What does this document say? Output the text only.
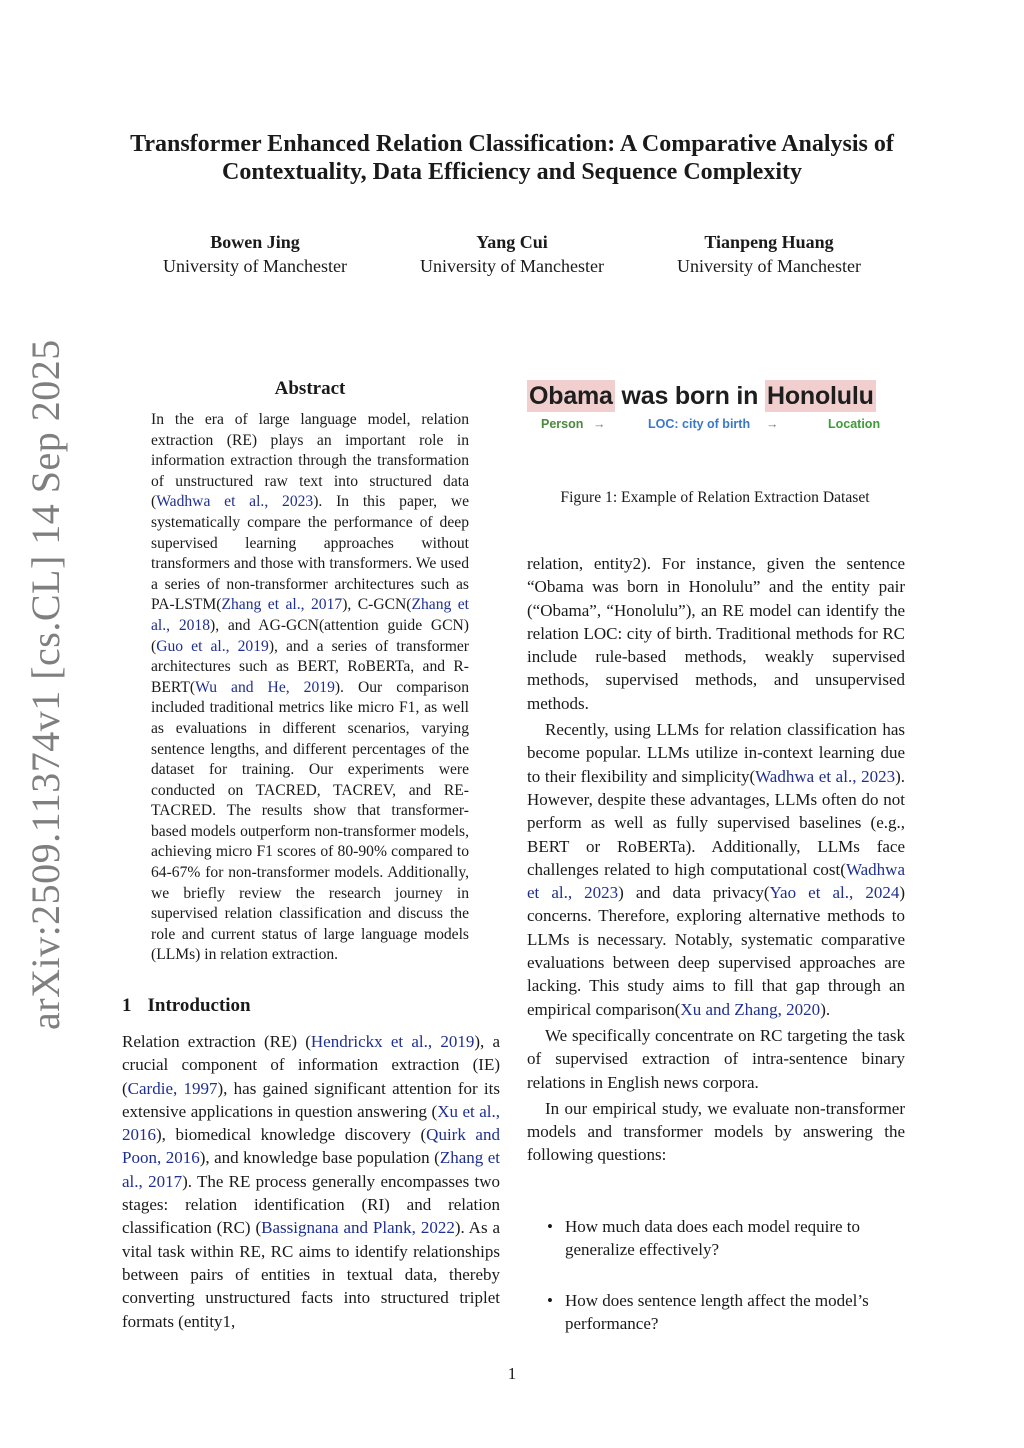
Transformer Enhanced Relation Classification: A Comparative Analysis of Contextuality, Data Efficiency and Sequence Complexity
Bowen Jing
University of Manchester
Yang Cui
University of Manchester
Tianpeng Huang
University of Manchester
arXiv:2509.11374v1 [cs.CL] 14 Sep 2025	Abstract
In the era of large language model, relation extraction (RE) plays an important role in information extraction through the transformation of unstructured raw text into structured data (Wadhwa et al., 2023). In this paper, we systematically compare the performance of deep supervised learning approaches without transformers and those with transformers. We used a series of non-transformer architectures such as PA-LSTM(Zhang et al., 2017), C-GCN(Zhang et al., 2018), and AG-GCN(attention guide GCN)(Guo et al., 2019), and a series of transformer architectures such as BERT, RoBERTa, and R-BERT(Wu and He, 2019). Our comparison included traditional metrics like micro F1, as well as evaluations in different scenarios, varying sentence lengths, and different percentages of the dataset for training. Our experiments were conducted on TACRED, TACREV, and RE-TACRED. The results show that transformer-based models outperform non-transformer models, achieving micro F1 scores of 80-90% compared to 64-67% for non-transformer models. Additionally, we briefly review the research journey in supervised relation classification and discuss the role and current status of large language models (LLMs) in relation extraction.
1 Introduction

Relation extraction (RE) (Hendrickx et al., 2019), a crucial component of information extraction (IE) (Cardie, 1997), has gained significant attention for its extensive applications in question answering (Xu et al., 2016), biomedical knowledge discovery (Quirk and Poon, 2016), and knowledge base population (Zhang et al., 2017). The RE process generally encompasses two stages: relation identification (RI) and relation classification (RC) (Bassignana and Plank, 2022). As a vital task within RE, RC aims to identify relationships between pairs of entities in textual data, thereby converting unstructured facts into structured triplet formats (entity1,

Obama was born in Honolulu
Person →	LOC: city of birth →	Location
Figure 1: Example of Relation Extraction Dataset

relation, entity2). For instance, given the sentence “Obama was born in Honolulu” and the entity pair (“Obama”, “Honolulu”), an RE model can identify the relation LOC: city of birth. Traditional methods for RC include rule-based methods, weakly supervised methods, supervised methods, and unsupervised methods.

Recently, using LLMs for relation classification has become popular. LLMs utilize in-context learning due to their flexibility and simplicity(Wadhwa et al., 2023). However, despite these advantages, LLMs often do not perform as well as fully supervised baselines (e.g., BERT or RoBERTa). Additionally, LLMs face challenges related to high computational cost(Wadhwa et al., 2023) and data privacy(Yao et al., 2024) concerns. Therefore, exploring alternative methods to LLMs is necessary. Notably, systematic comparative evaluations between deep supervised approaches are lacking. This study aims to fill that gap through an empirical comparison(Xu and Zhang, 2020).

We specifically concentrate on RC targeting the task of supervised extraction of intra-sentence binary relations in English news corpora.

In our empirical study, we evaluate non-transformer models and transformer models by answering the following questions:

• How much data does each model require to generalize effectively?
• How does sentence length affect the model’s performance?
1
